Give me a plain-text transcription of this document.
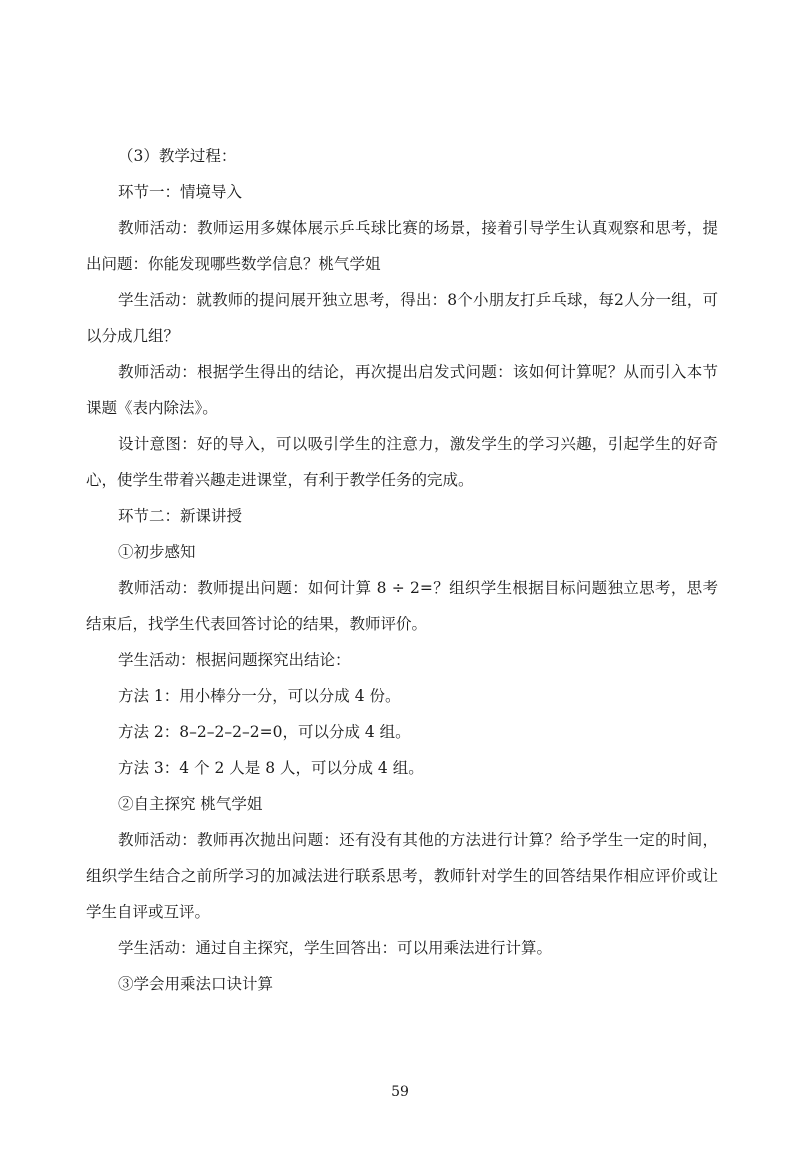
（3）教学过程：

环节一：情境导入

教师活动：教师运用多媒体展示乒乓球比赛的场景，接着引导学生认真观察和思考，提出问题：你能发现哪些数学信息？桃气学姐

学生活动：就教师的提问展开独立思考，得出：8个小朋友打乒乓球，每2人分一组，可以分成几组？

教师活动：根据学生得出的结论，再次提出启发式问题：该如何计算呢？从而引入本节课题《表内除法》。

设计意图：好的导入，可以吸引学生的注意力，激发学生的学习兴趣，引起学生的好奇心，使学生带着兴趣走进课堂，有利于教学任务的完成。

环节二：新课讲授

①初步感知

教师活动：教师提出问题：如何计算 8 ÷ 2=？组织学生根据目标问题独立思考，思考结束后，找学生代表回答讨论的结果，教师评价。

学生活动：根据问题探究出结论：

方法 1：用小棒分一分，可以分成 4 份。

方法 2：8–2–2–2–2=0，可以分成 4 组。

方法 3：4 个 2 人是 8 人，可以分成 4 组。

②自主探究 桃气学姐

教师活动：教师再次抛出问题：还有没有其他的方法进行计算？给予学生一定的时间，组织学生结合之前所学习的加减法进行联系思考，教师针对学生的回答结果作相应评价或让学生自评或互评。

学生活动：通过自主探究，学生回答出：可以用乘法进行计算。

③学会用乘法口诀计算

59
